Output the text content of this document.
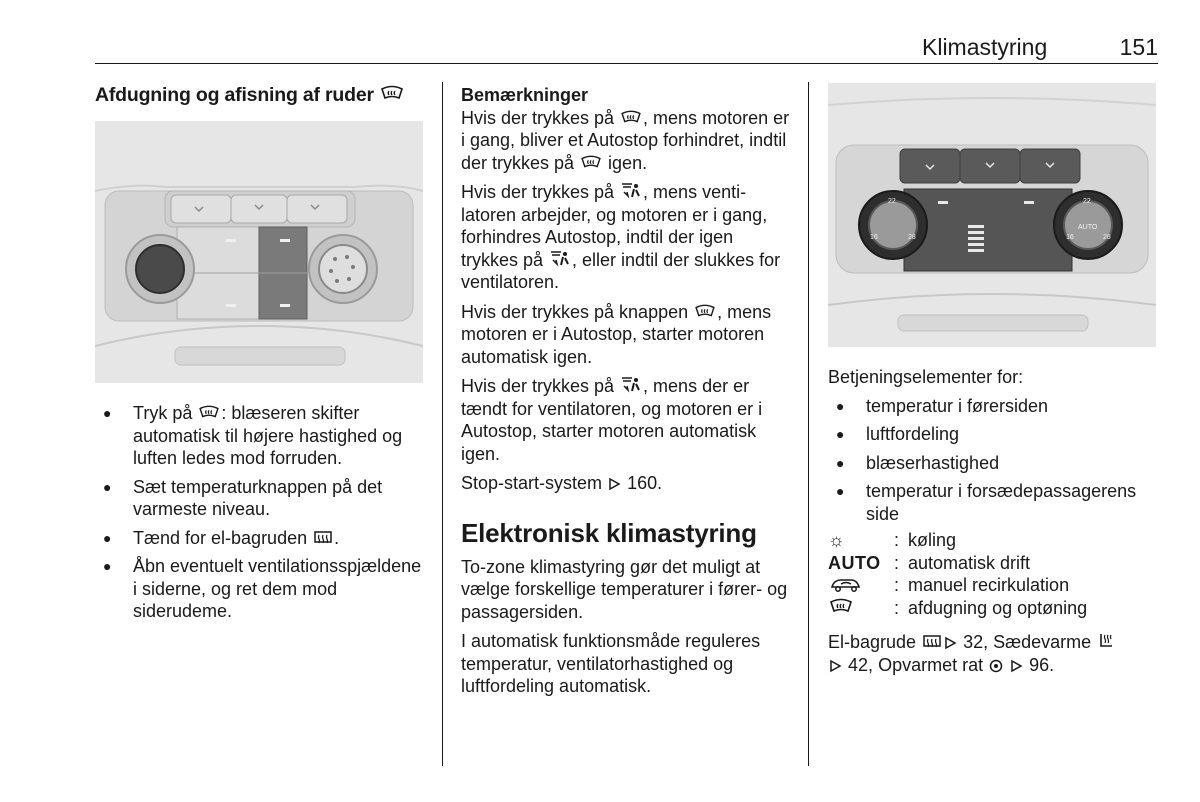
Klimastyring	151
Afdugning og afisning af ruder
● Tryk på : blæseren skifter automatisk til højere hastighed og luften ledes mod forruden.
● Sæt temperaturknappen på det varmeste niveau.
● Tænd for el-bagruden .
● Åbn eventuelt ventilationsspjældene i siderne, og ret dem mod siderudeme.
Bemærkninger

Hvis der trykkes på , mens motoren er i gang, bliver et Autostop forhindret, indtil der trykkes på  igen.

Hvis der trykkes på , mens ventilatoren arbejder, og motoren er i gang, forhindres Autostop, indtil der igen trykkes på , eller indtil der slukkes for ventilatoren.

Hvis der trykkes på knappen , mens motoren er i Autostop, starter motoren automatisk igen.

Hvis der trykkes på , mens der er tændt for ventilatoren, og motoren er i Autostop, starter motoren automatisk igen.

Stop-start-system 160.

Elektronisk klimastyring

To-zone klimastyring gør det muligt at vælge forskellige temperaturer i fører- og passagersiden.

I automatisk funktionsmåde reguleres temperatur, ventilatorhastighed og luftfordeling automatisk.

22
16	28
22
16	28
AUTO

Betjeningselementer for:

● temperatur i førersiden
● luftfordeling
● blæserhastighed
● temperatur i forsædepassagerens side
☼	: køling
AUTO : automatisk drift
: manuel recirkulation
: afdugning og optøning

El-bagrude	32, Sædevarme
42, Opvarmet rat	96.
